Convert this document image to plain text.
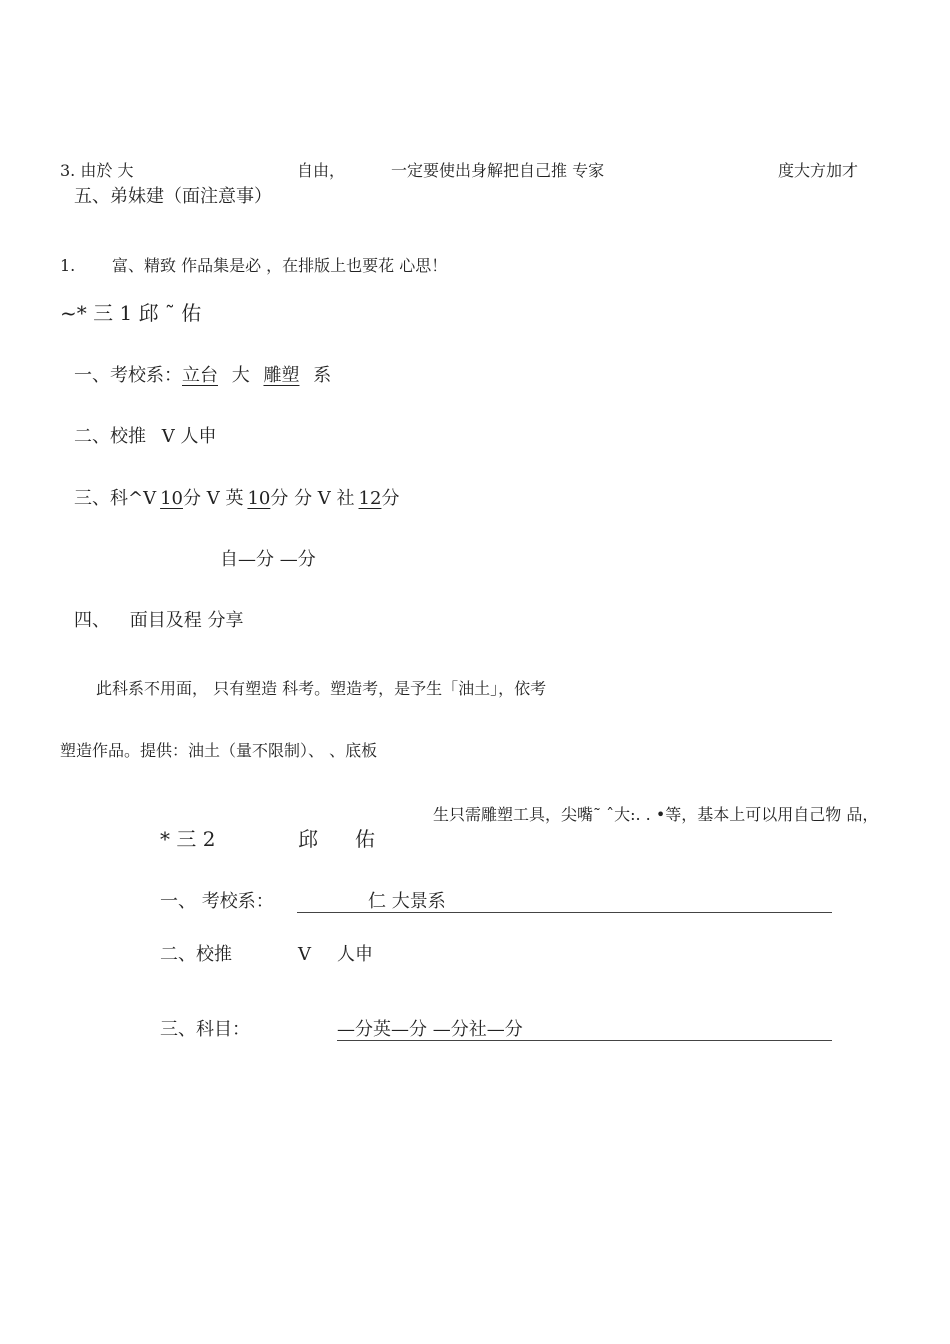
3. 由於 大	自由，	一定要使出身解把自己推 专家	度大方加才
五、弟妹建（面注意事）
1. 富、精致 作品集是必 ，在排版上也要花 心思！
~* 三 1 邱 ˜ 佑
一、考校系：立台 大 雕塑 系
二、校推 V 人申
三、科^V 10分 V 英 10分 分 V 社 12分
自—分 —分
四、 面目及程 分享
此科系不用面， 只有塑造 科考。塑造考，是予生「油土」，依考
塑造作品。提供：油土（量不限制）、 、底板
生只需雕塑工具，尖嘴˜ ˆ大:. . •等，基本上可以用自己物 品，
* 三 2	邱 佑
一、 考校系：	仁 大景系
二、校推	V 人申
三、科目：	—分英—分 —分社—分
